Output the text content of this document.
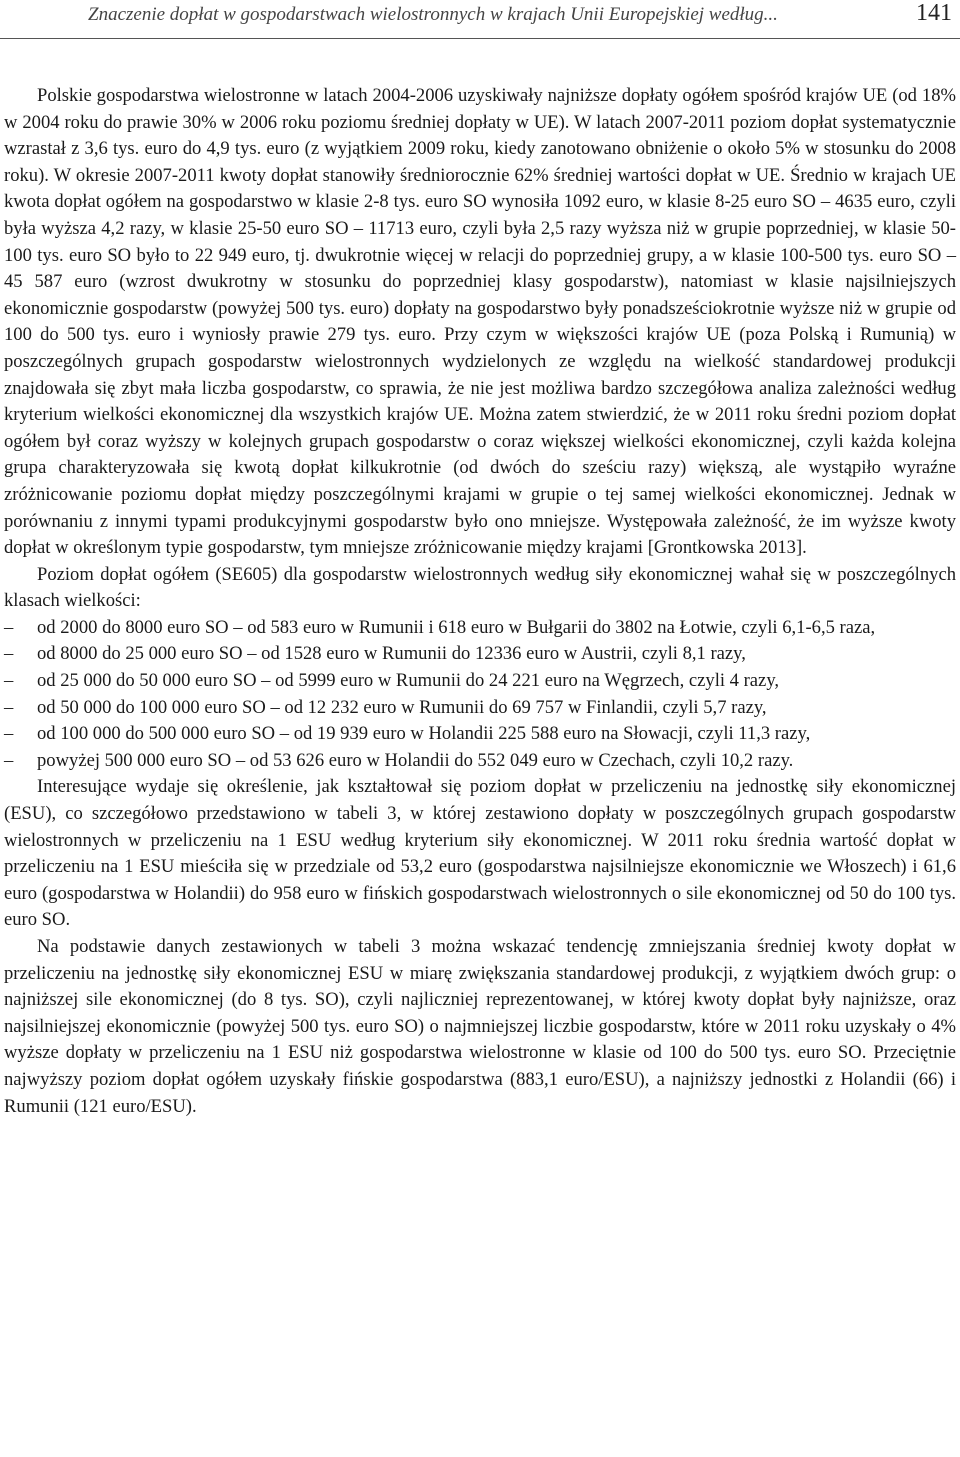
Znaczenie dopłat w gospodarstwach wielostronnych w krajach Unii Europejskiej według...	141

Polskie gospodarstwa wielostronne w latach 2004-2006 uzyskiwały najniższe dopłaty ogółem spośród krajów UE (od 18% w 2004 roku do prawie 30% w 2006 roku poziomu średniej dopłaty w UE). W latach 2007-2011 poziom dopłat systematycznie wzrastał z 3,6 tys. euro do 4,9 tys. euro (z wyjątkiem 2009 roku, kiedy zanotowano obniżenie o około 5% w stosunku do 2008 roku). W okresie 2007-2011 kwoty dopłat stanowiły średniorocznie 62% średniej wartości dopłat w UE. Średnio w krajach UE kwota dopłat ogółem na gospodarstwo w klasie 2-8 tys. euro SO wynosiła 1092 euro, w klasie 8-25 euro SO – 4635 euro, czyli była wyższa 4,2 razy, w klasie 25-50 euro SO – 11713 euro, czyli była 2,5 razy wyższa niż w grupie poprzedniej, w klasie 50-100 tys. euro SO było to 22 949 euro, tj. dwukrotnie więcej w relacji do poprzedniej grupy, a w klasie 100-500 tys. euro SO – 45 587 euro (wzrost dwukrotny w stosunku do poprzedniej klasy gospodarstw), natomiast w klasie najsilniejszych ekonomicznie gospodarstw (powyżej 500 tys. euro) dopłaty na gospodarstwo były ponadsześciokrotnie wyższe niż w grupie od 100 do 500 tys. euro i wyniosły prawie 279 tys. euro. Przy czym w większości krajów UE (poza Polską i Rumunią) w poszczególnych grupach gospodarstw wielostronnych wydzielonych ze względu na wielkość standardowej produkcji znajdowała się zbyt mała liczba gospodarstw, co sprawia, że nie jest możliwa bardzo szczegółowa analiza zależności według kryterium wielkości ekonomicznej dla wszystkich krajów UE. Można zatem stwierdzić, że w 2011 roku średni poziom dopłat ogółem był coraz wyższy w kolejnych grupach gospodarstw o coraz większej wielkości ekonomicznej, czyli każda kolejna grupa charakteryzowała się kwotą dopłat kilkukrotnie (od dwóch do sześciu razy) większą, ale wystąpiło wyraźne zróżnicowanie poziomu dopłat między poszczególnymi krajami w grupie o tej samej wielkości ekonomicznej. Jednak w porównaniu z innymi typami produkcyjnymi gospodarstw było ono mniejsze. Występowała zależność, że im wyższe kwoty dopłat w określonym typie gospodarstw, tym mniejsze zróżnicowanie między krajami [Grontkowska 2013].

Poziom dopłat ogółem (SE605) dla gospodarstw wielostronnych według siły ekonomicznej wahał się w poszczególnych klasach wielkości:

– od 2000 do 8000 euro SO – od 583 euro w Rumunii i 618 euro w Bułgarii do 3802 na Łotwie, czyli 6,1-6,5 raza,
– od 8000 do 25 000 euro SO – od 1528 euro w Rumunii do 12336 euro w Austrii, czyli 8,1 razy,
– od 25 000 do 50 000 euro SO – od 5999 euro w Rumunii do 24 221 euro na Węgrzech, czyli 4 razy,
– od 50 000 do 100 000 euro SO – od 12 232 euro w Rumunii do 69 757 w Finlandii, czyli 5,7 razy,
– od 100 000 do 500 000 euro SO – od 19 939 euro w Holandii 225 588 euro na Słowacji, czyli 11,3 razy,
– powyżej 500 000 euro SO – od 53 626 euro w Holandii do 552 049 euro w Czechach, czyli 10,2 razy.

Interesujące wydaje się określenie, jak kształtował się poziom dopłat w przeliczeniu na jednostkę siły ekonomicznej (ESU), co szczegółowo przedstawiono w tabeli 3, w której zestawiono dopłaty w poszczególnych grupach gospodarstw wielostronnych w przeliczeniu na 1 ESU według kryterium siły ekonomicznej. W 2011 roku średnia wartość dopłat w przeliczeniu na 1 ESU mieściła się w przedziale od 53,2 euro (gospodarstwa najsilniejsze ekonomicznie we Włoszech) i 61,6 euro (gospodarstwa w Holandii) do 958 euro w fińskich gospodarstwach wielostronnych o sile ekonomicznej od 50 do 100 tys. euro SO.

Na podstawie danych zestawionych w tabeli 3 można wskazać tendencję zmniejszania średniej kwoty dopłat w przeliczeniu na jednostkę siły ekonomicznej ESU w miarę zwiększania standardowej produkcji, z wyjątkiem dwóch grup: o najniższej sile ekonomicznej (do 8 tys. SO), czyli najliczniej reprezentowanej, w której kwoty dopłat były najniższe, oraz najsilniejszej ekonomicznie (powyżej 500 tys. euro SO) o najmniejszej liczbie gospodarstw, które w 2011 roku uzyskały o 4% wyższe dopłaty w przeliczeniu na 1 ESU niż gospodarstwa wielostronne w klasie od 100 do 500 tys. euro SO. Przeciętnie najwyższy poziom dopłat ogółem uzyskały fińskie gospodarstwa (883,1 euro/ESU), a najniższy jednostki z Holandii (66) i Rumunii (121 euro/ESU).
